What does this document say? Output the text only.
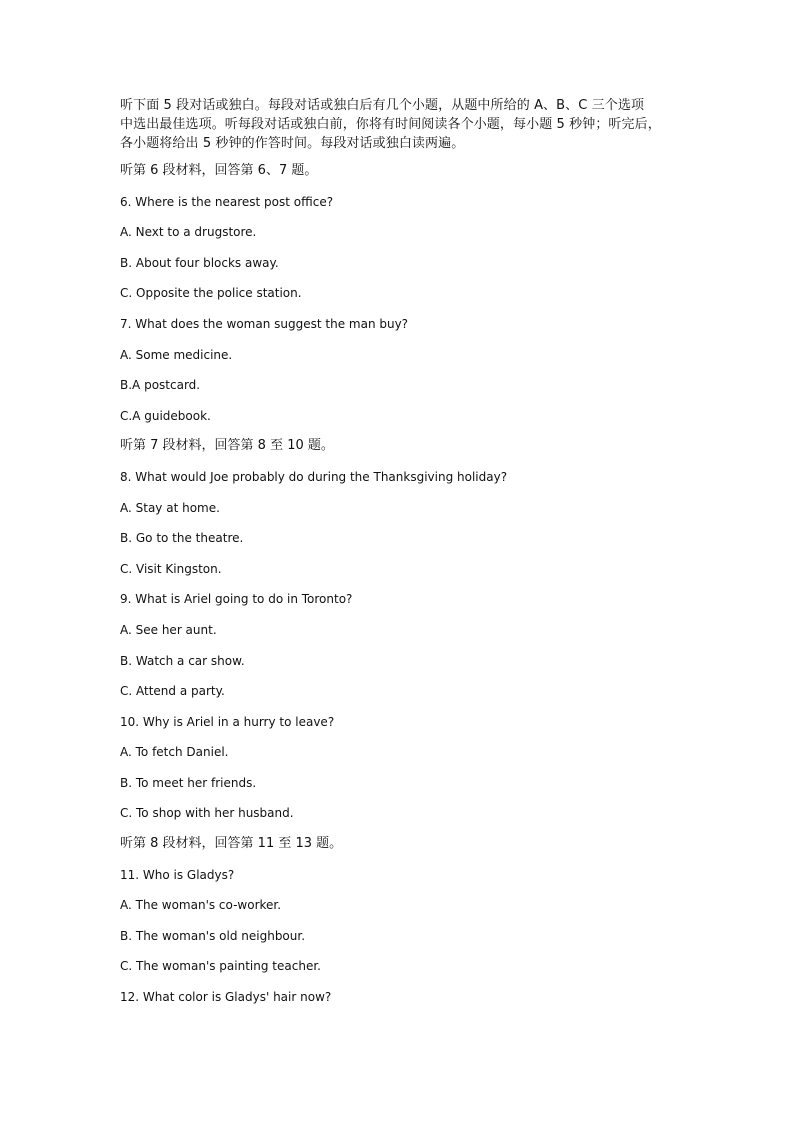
听下面 5 段对话或独白。每段对话或独白后有几个小题，从题中所给的 A、B、C 三个选项
中选出最佳选项。听每段对话或独白前，你将有时间阅读各个小题，每小题 5 秒钟；听完后，
各小题将给出 5 秒钟的作答时间。每段对话或独白读两遍。
听第 6 段材料，回答第 6、7 题。
6. Where is the nearest post office?
A. Next to a drugstore.
B. About four blocks away.
C. Opposite the police station.
7. What does the woman suggest the man buy?
A. Some medicine.
B.A postcard.
C.A guidebook.
听第 7 段材料，回答第 8 至 10 题。
8. What would Joe probably do during the Thanksgiving holiday?
A. Stay at home.
B. Go to the theatre.
C. Visit Kingston.
9. What is Ariel going to do in Toronto?
A. See her aunt.
B. Watch a car show.
C. Attend a party.
10. Why is Ariel in a hurry to leave?
A. To fetch Daniel.
B. To meet her friends.
C. To shop with her husband.
听第 8 段材料，回答第 11 至 13 题。
11. Who is Gladys?
A. The woman's co-worker.
B. The woman's old neighbour.
C. The woman's painting teacher.
12. What color is Gladys' hair now?
